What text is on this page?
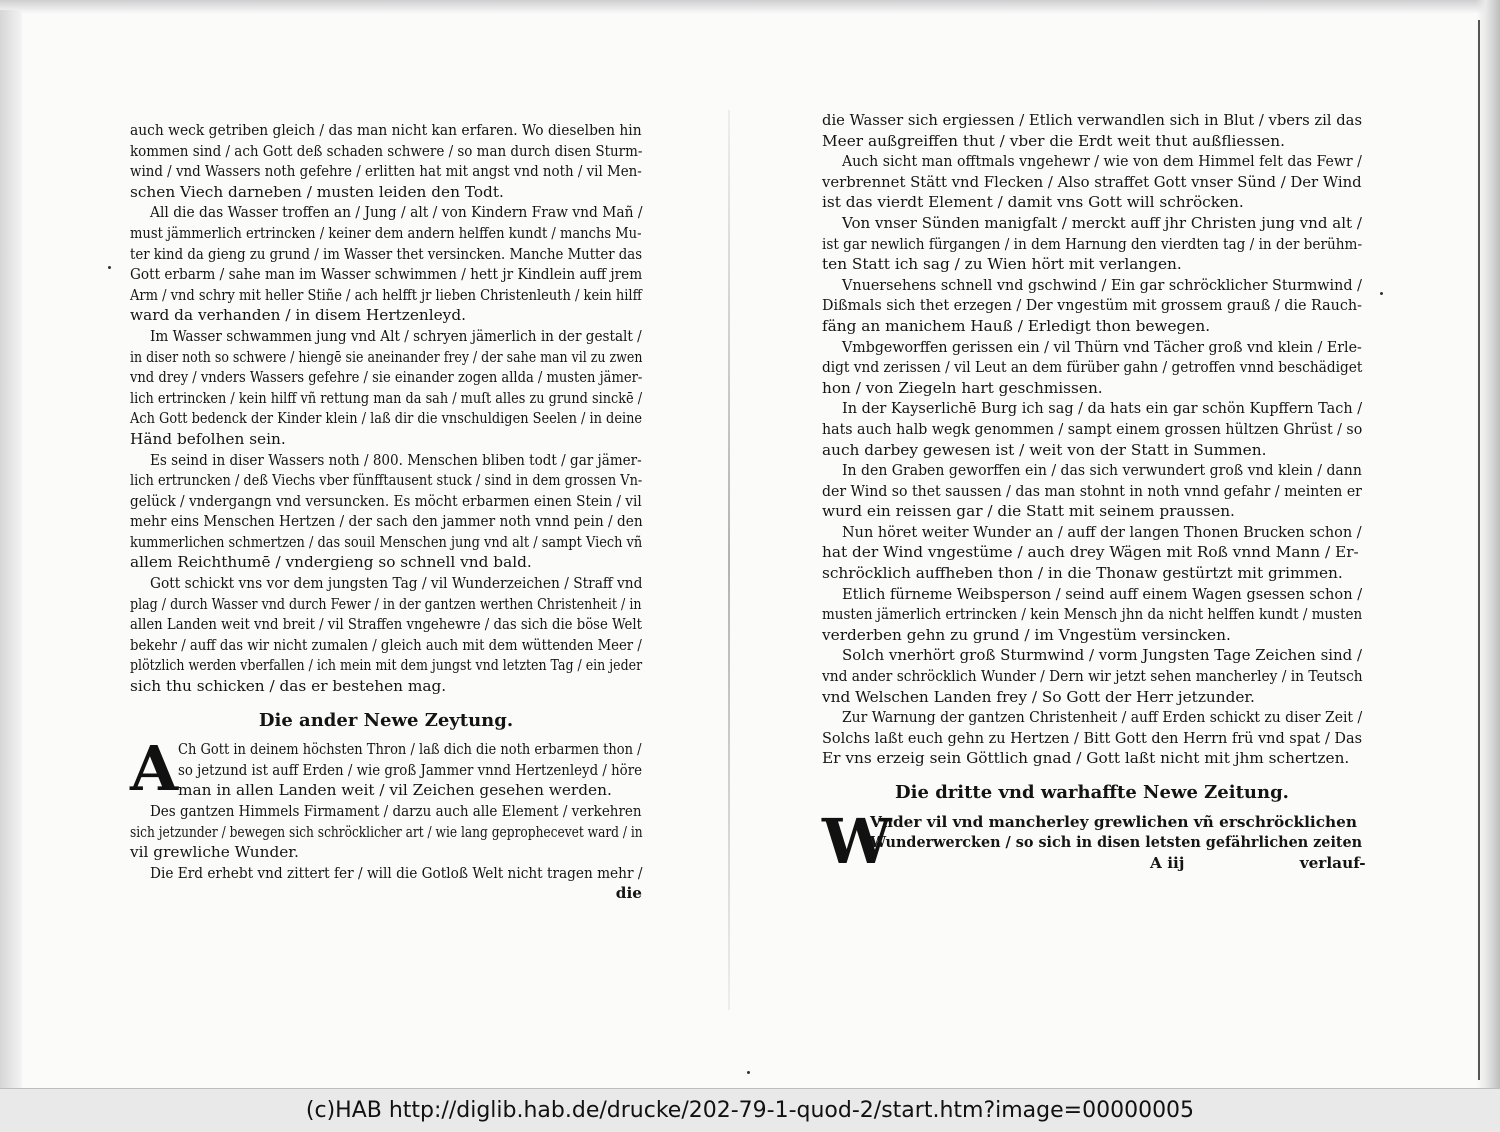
auch weck getriben gleich / das man nicht kan erfaren. Wo dieselben hin
kommen sind / ach Gott deß schaden schwere / so man durch disen Sturm-
wind / vnd Wassers noth gefehre / erlitten hat mit angst vnd noth / vil Men-
schen Viech darneben / musten leiden den Todt.
All die das Wasser troffen an / Jung / alt / von Kindern Fraw vnd Mañ /
must jämmerlich ertrincken / keiner dem andern helffen kundt / manchs Mu-
ter kind da gieng zu grund / im Wasser thet versincken. Manche Mutter das
Gott erbarm / sahe man im Wasser schwimmen / hett jr Kindlein auff jrem
Arm / vnd schry mit heller Stiñe / ach helfft jr lieben Christenleuth / kein hilff
ward da verhanden / in disem Hertzenleyd.
Im Wasser schwammen jung vnd Alt / schryen jämerlich in der gestalt /
in diser noth so schwere / hiengē sie aneinander frey / der sahe man vil zu zwen
vnd drey / vnders Wassers gefehre / sie einander zogen allda / musten jämer-
lich ertrincken / kein hilff vñ rettung man da sah / muſt alles zu grund sinckē /
Ach Gott bedenck der Kinder klein / laß dir die vnschuldigen Seelen / in deine
Händ befolhen sein.
Es seind in diser Wassers noth / 800. Menschen bliben todt / gar jämer-
lich ertruncken / deß Viechs vber fünfftausent stuck / sind in dem grossen Vn-
gelück / vndergangn vnd versuncken. Es möcht erbarmen einen Stein / vil
mehr eins Menschen Hertzen / der sach den jammer noth vnnd pein / den
kummerlichen schmertzen / das souil Menschen jung vnd alt / sampt Viech vñ
allem Reichthumē / vndergieng so schnell vnd bald.
Gott schickt vns vor dem jungsten Tag / vil Wunderzeichen / Straff vnd
plag / durch Wasser vnd durch Fewer / in der gantzen werthen Christenheit / in
allen Landen weit vnd breit / vil Straffen vngehewre / das sich die böse Welt
bekehr / auff das wir nicht zumalen / gleich auch mit dem wüttenden Meer /
plötzlich werden vberfallen / ich mein mit dem jungst vnd letzten Tag / ein jeder
sich thu schicken / das er bestehen mag.
Die ander Newe Zeytung.
A Ch Gott in deinem höchsten Thron / laß dich die noth erbarmen thon /
so jetzund ist auff Erden / wie groß Jammer vnnd Hertzenleyd / höre
man in allen Landen weit / vil Zeichen gesehen werden.
Des gantzen Himmels Firmament / darzu auch alle Element / verkehren
sich jetzunder / bewegen sich schröcklicher art / wie lang geprophecevet ward / in
vil grewliche Wunder.
Die Erd erhebt vnd zittert fer / will die Gotloß Welt nicht tragen mehr /
die
die Wasser sich ergiessen / Etlich verwandlen sich in Blut / vbers zil das
Meer außgreiffen thut / vber die Erdt weit thut außfliessen.
Auch sicht man offtmals vngehewr / wie von dem Himmel felt das Fewr /
verbrennet Stätt vnd Flecken / Also straffet Gott vnser Sünd / Der Wind
ist das vierdt Element / damit vns Gott will schröcken.
Von vnser Sünden manigfalt / merckt auff jhr Christen jung vnd alt /
ist gar newlich fürgangen / in dem Harnung den vierdten tag / in der berühm-
ten Statt ich sag / zu Wien hört mit verlangen.
Vnuersehens schnell vnd gschwind / Ein gar schröcklicher Sturmwind /
Dißmals sich thet erzegen / Der vngestüm mit grossem grauß / die Rauch-
fäng an manichem Hauß / Erledigt thon bewegen.
Vmbgeworffen gerissen ein / vil Thürn vnd Tächer groß vnd klein / Erle-
digt vnd zerissen / vil Leut an dem fürüber gahn / getroffen vnnd beschädiget
hon / von Ziegeln hart geschmissen.
In der Kayserlichē Burg ich sag / da hats ein gar schön Kupffern Tach /
hats auch halb wegk genommen / sampt einem grossen hültzen Ghrüst / so
auch darbey gewesen ist / weit von der Statt in Summen.
In den Graben geworffen ein / das sich verwundert groß vnd klein / dann
der Wind so thet saussen / das man stohnt in noth vnnd gefahr / meinten er
wurd ein reissen gar / die Statt mit seinem praussen.
Nun höret weiter Wunder an / auff der langen Thonen Brucken schon /
hat der Wind vngestüme / auch drey Wägen mit Roß vnnd Mann / Er-
schröcklich auffheben thon / in die Thonaw gestürtzt mit grimmen.
Etlich fürneme Weibsperson / seind auff einem Wagen gsessen schon /
musten jämerlich ertrincken / kein Mensch jhn da nicht helffen kundt / musten
verderben gehn zu grund / im Vngestüm versincken.
Solch vnerhört groß Sturmwind / vorm Jungsten Tage Zeichen sind /
vnd ander schröcklich Wunder / Dern wir jetzt sehen mancherley / in Teutsch
vnd Welschen Landen frey / So Gott der Herr jetzunder.
Zur Warnung der gantzen Christenheit / auff Erden schickt zu diser Zeit /
Solchs laßt euch gehn zu Hertzen / Bitt Gott den Herrn frü vnd spat / Das
Er vns erzeig sein Göttlich gnad / Gott laßt nicht mit jhm schertzen.
Die dritte vnd warhaffte Newe Zeitung.
W
Vnder vil vnd mancherley grewlichen vñ erschröcklichen
Wunderwercken / so sich in disen letsten gefährlichen zeiten
A iij	verlauf-
(c)HAB http://diglib.hab.de/drucke/202-79-1-quod-2/start.htm?image=00000005
